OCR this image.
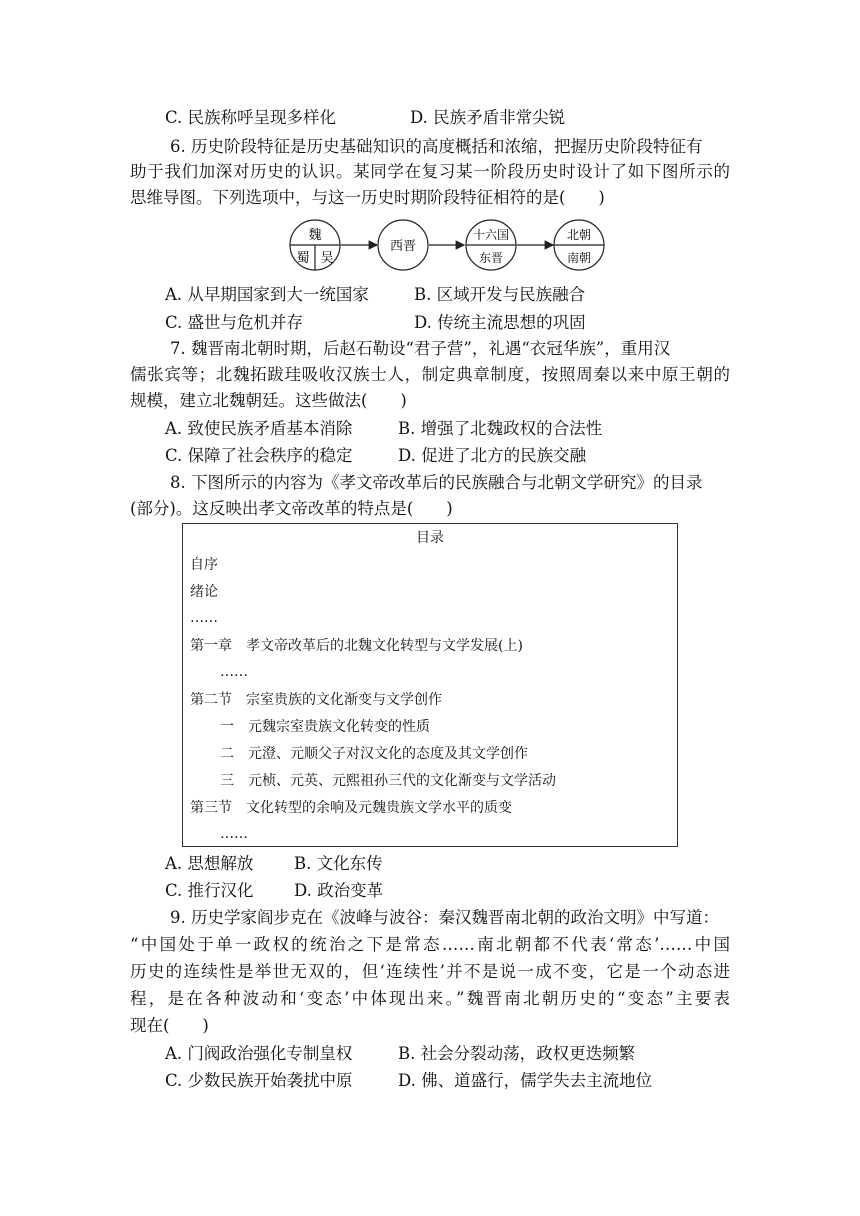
C. 民族称呼呈现多样化	D. 民族矛盾非常尖锐
6. 历史阶段特征是历史基础知识的高度概括和浓缩，把握历史阶段特征有
助于我们加深对历史的认识。某同学在复习某一阶段历史时设计了如下图所示的
思维导图。下列选项中，与这一历史时期阶段特征相符的是(　　)
魏
蜀 吴
西晋
十六国
东晋
北朝
南朝
A. 从早期国家到大一统国家	B. 区域开发与民族融合
C. 盛世与危机并存	D. 传统主流思想的巩固
7. 魏晋南北朝时期，后赵石勒设“君子营”，礼遇“衣冠华族”，重用汉
儒张宾等；北魏拓跋珪吸收汉族士人，制定典章制度，按照周秦以来中原王朝的
规模，建立北魏朝廷。这些做法(　　)
A. 致使民族矛盾基本消除	B. 增强了北魏政权的合法性
C. 保障了社会秩序的稳定	D. 促进了北方的民族交融
8. 下图所示的内容为《孝文帝改革后的民族融合与北朝文学研究》的目录
(部分)。这反映出孝文帝改革的特点是(　　)
目录
自序
绪论
……
第一章　孝文帝改革后的北魏文化转型与文学发展(上)
……
第二节　宗室贵族的文化渐变与文学创作
一　元魏宗室贵族文化转变的性质
二　元澄、元顺父子对汉文化的态度及其文学创作
三　元桢、元英、元熙祖孙三代的文化渐变与文学活动
第三节　文化转型的余响及元魏贵族文学水平的质变
……
A. 思想解放 B. 文化东传
C. 推行汉化 D. 政治变革
9. 历史学家阎步克在《波峰与波谷：秦汉魏晋南北朝的政治文明》中写道：
“中国处于单一政权的统治之下是常态……南北朝都不代表‘常态’……中国
历史的连续性是举世无双的，但‘连续性’并不是说一成不变，它是一个动态进
程，是在各种波动和‘变态’中体现出来。”魏晋南北朝历史的“变态”主要表
现在(　　)
A. 门阀政治强化专制皇权	B. 社会分裂动荡，政权更迭频繁
C. 少数民族开始袭扰中原	D. 佛、道盛行，儒学失去主流地位
